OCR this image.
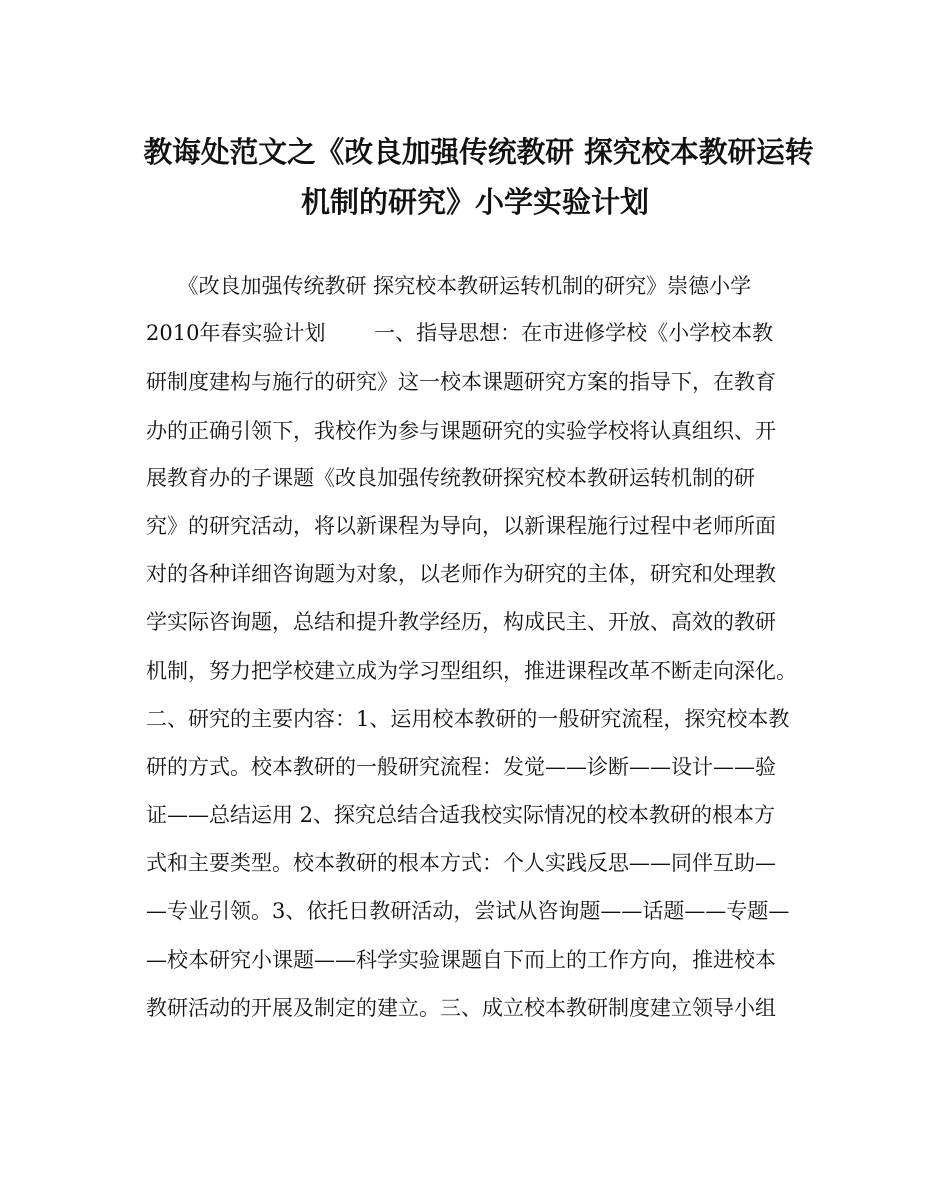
教诲处范文之《改良加强传统教研 探究校本教研运转
机制的研究》小学实验计划
　　《改良加强传统教研 探究校本教研运转机制的研究》崇德小学
2010年春实验计划　　 一、指导思想：在市进修学校《小学校本教
研制度建构与施行的研究》这一校本课题研究方案的指导下，在教育
办的正确引领下，我校作为参与课题研究的实验学校将认真组织、开
展教育办的子课题《改良加强传统教研探究校本教研运转机制的研
究》的研究活动，将以新课程为导向，以新课程施行过程中老师所面
对的各种详细咨询题为对象，以老师作为研究的主体，研究和处理教
学实际咨询题，总结和提升教学经历，构成民主、开放、高效的教研
机制，努力把学校建立成为学习型组织，推进课程改革不断走向深化。
二、研究的主要内容：1、运用校本教研的一般研究流程，探究校本教
研的方式。校本教研的一般研究流程：发觉——诊断——设计——验
证——总结运用 2、探究总结合适我校实际情况的校本教研的根本方
式和主要类型。校本教研的根本方式：个人实践反思——同伴互助—
—专业引领。3、依托日教研活动，尝试从咨询题——话题——专题—
—校本研究小课题——科学实验课题自下而上的工作方向，推进校本
教研活动的开展及制定的建立。三、成立校本教研制度建立领导小组
